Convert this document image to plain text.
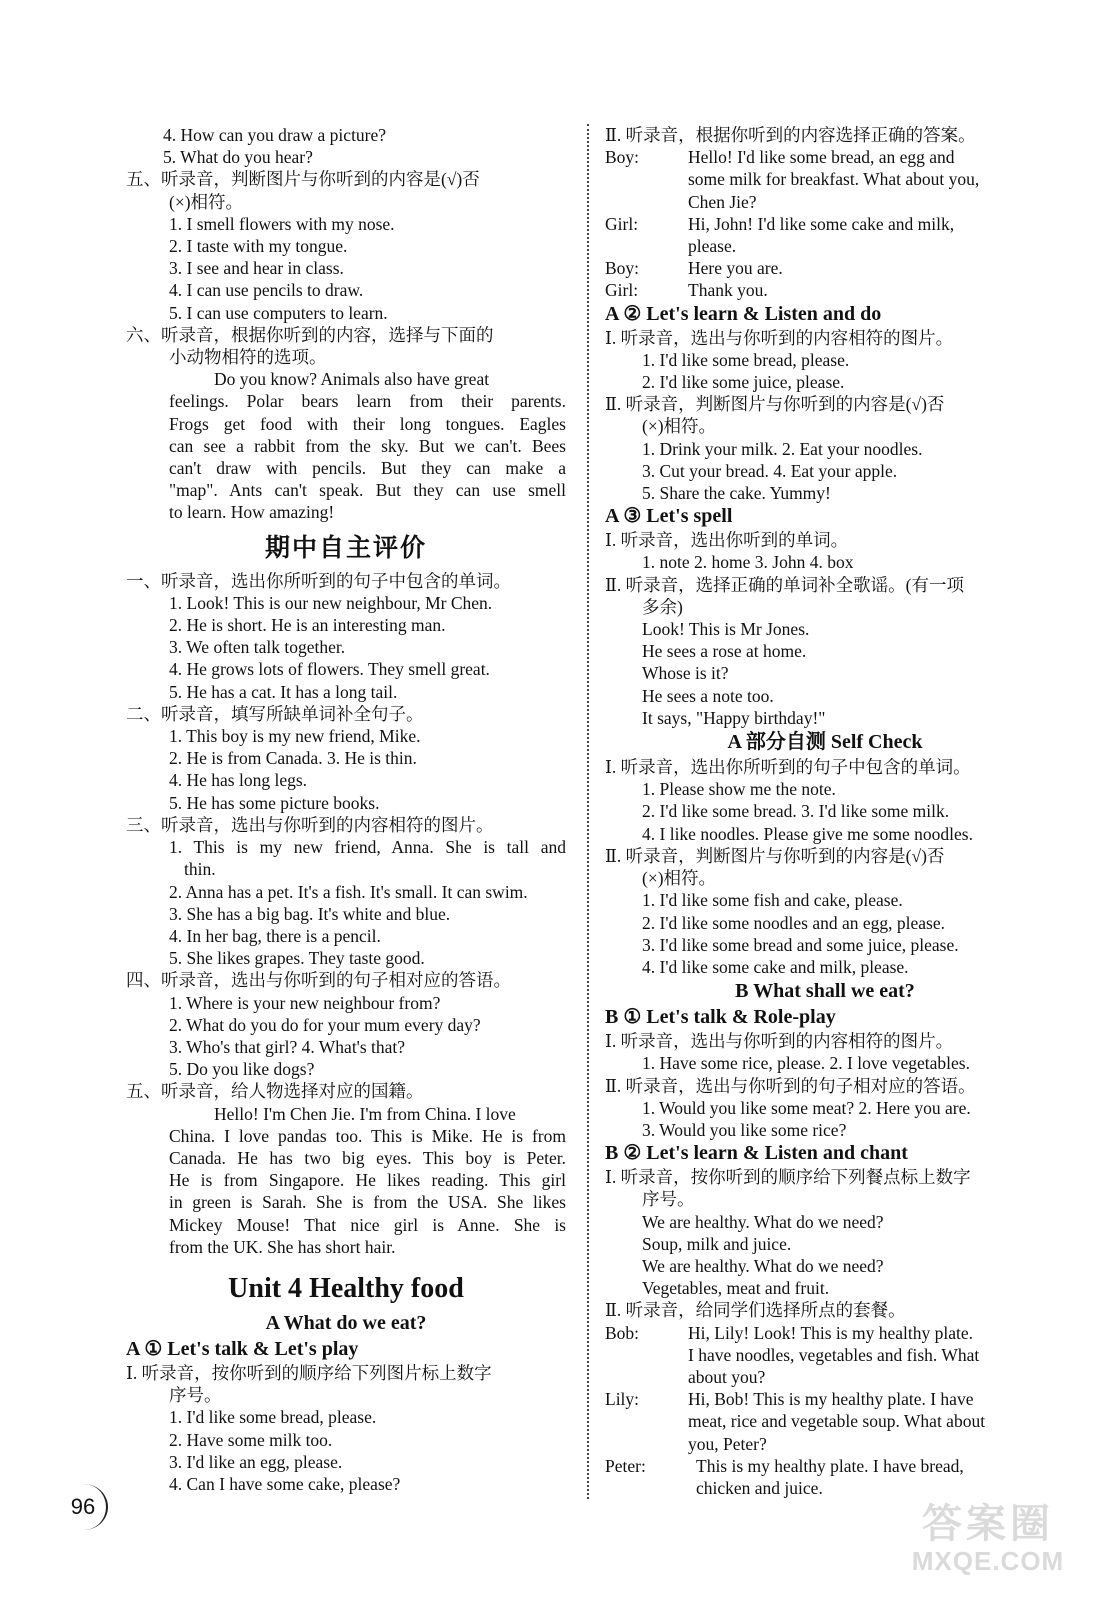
4. How can you draw a picture?
5. What do you hear?
五、听录音，判断图片与你听到的内容是(√)否
(×)相符。
1. I smell flowers with my nose.
2. I taste with my tongue.
3. I see and hear in class.
4. I can use pencils to draw.
5. I can use computers to learn.
六、听录音，根据你听到的内容，选择与下面的
小动物相符的选项。
Do you know? Animals also have great
feelings. Polar bears learn from their parents.
Frogs get food with their long tongues. Eagles
can see a rabbit from the sky. But we can't. Bees
can't draw with pencils. But they can make a
"map". Ants can't speak. But they can use smell
to learn. How amazing!
期中自主评价
一、听录音，选出你所听到的句子中包含的单词。
1. Look! This is our new neighbour, Mr Chen.
2. He is short. He is an interesting man.
3. We often talk together.
4. He grows lots of flowers. They smell great.
5. He has a cat. It has a long tail.
二、听录音，填写所缺单词补全句子。
1. This boy is my new friend, Mike.
2. He is from Canada. 3. He is thin.
4. He has long legs.
5. He has some picture books.
三、听录音，选出与你听到的内容相符的图片。
1. This is my new friend, Anna. She is tall and
thin.
2. Anna has a pet. It's a fish. It's small. It can swim.
3. She has a big bag. It's white and blue.
4. In her bag, there is a pencil.
5. She likes grapes. They taste good.
四、听录音，选出与你听到的句子相对应的答语。
1. Where is your new neighbour from?
2. What do you do for your mum every day?
3. Who's that girl? 4. What's that?
5. Do you like dogs?
五、听录音，给人物选择对应的国籍。
Hello! I'm Chen Jie. I'm from China. I love
China. I love pandas too. This is Mike. He is from
Canada. He has two big eyes. This boy is Peter.
He is from Singapore. He likes reading. This girl
in green is Sarah. She is from the USA. She likes
Mickey Mouse! That nice girl is Anne. She is
from the UK. She has short hair.
Unit 4 Healthy food
A What do we eat?
A ① Let's talk & Let's play
Ⅰ. 听录音，按你听到的顺序给下列图片标上数字
序号。
1. I'd like some bread, please.
2. Have some milk too.
3. I'd like an egg, please.
4. Can I have some cake, please?
Ⅱ. 听录音，根据你听到的内容选择正确的答案。
Boy:	Hello! I'd like some bread, an egg and
some milk for breakfast. What about you,
Chen Jie?
Girl:	Hi, John! I'd like some cake and milk,
please.
Boy:	Here you are.
Girl:	Thank you.
A ② Let's learn & Listen and do
Ⅰ. 听录音，选出与你听到的内容相符的图片。
1. I'd like some bread, please.
2. I'd like some juice, please.
Ⅱ. 听录音，判断图片与你听到的内容是(√)否
(×)相符。
1. Drink your milk. 2. Eat your noodles.
3. Cut your bread. 4. Eat your apple.
5. Share the cake. Yummy!
A ③ Let's spell
Ⅰ. 听录音，选出你听到的单词。
1. note 2. home 3. John 4. box
Ⅱ. 听录音，选择正确的单词补全歌谣。(有一项
多余)
Look! This is Mr Jones.
He sees a rose at home.
Whose is it?
He sees a note too.
It says, "Happy birthday!"
A 部分自测 Self Check
Ⅰ. 听录音，选出你所听到的句子中包含的单词。
1. Please show me the note.
2. I'd like some bread. 3. I'd like some milk.
4. I like noodles. Please give me some noodles.
Ⅱ. 听录音，判断图片与你听到的内容是(√)否
(×)相符。
1. I'd like some fish and cake, please.
2. I'd like some noodles and an egg, please.
3. I'd like some bread and some juice, please.
4. I'd like some cake and milk, please.
B What shall we eat?
B ① Let's talk & Role-play
Ⅰ. 听录音，选出与你听到的内容相符的图片。
1. Have some rice, please. 2. I love vegetables.
Ⅱ. 听录音，选出与你听到的句子相对应的答语。
1. Would you like some meat? 2. Here you are.
3. Would you like some rice?
B ② Let's learn & Listen and chant
Ⅰ. 听录音，按你听到的顺序给下列餐点标上数字
序号。
We are healthy. What do we need?
Soup, milk and juice.
We are healthy. What do we need?
Vegetables, meat and fruit.
Ⅱ. 听录音，给同学们选择所点的套餐。
Bob:	Hi, Lily! Look! This is my healthy plate.
I have noodles, vegetables and fish. What
about you?
Lily:	Hi, Bob! This is my healthy plate. I have
meat, rice and vegetable soup. What about
you, Peter?
Peter:	This is my healthy plate. I have bread,
chicken and juice.
96	答案圈
MXQE.COM
